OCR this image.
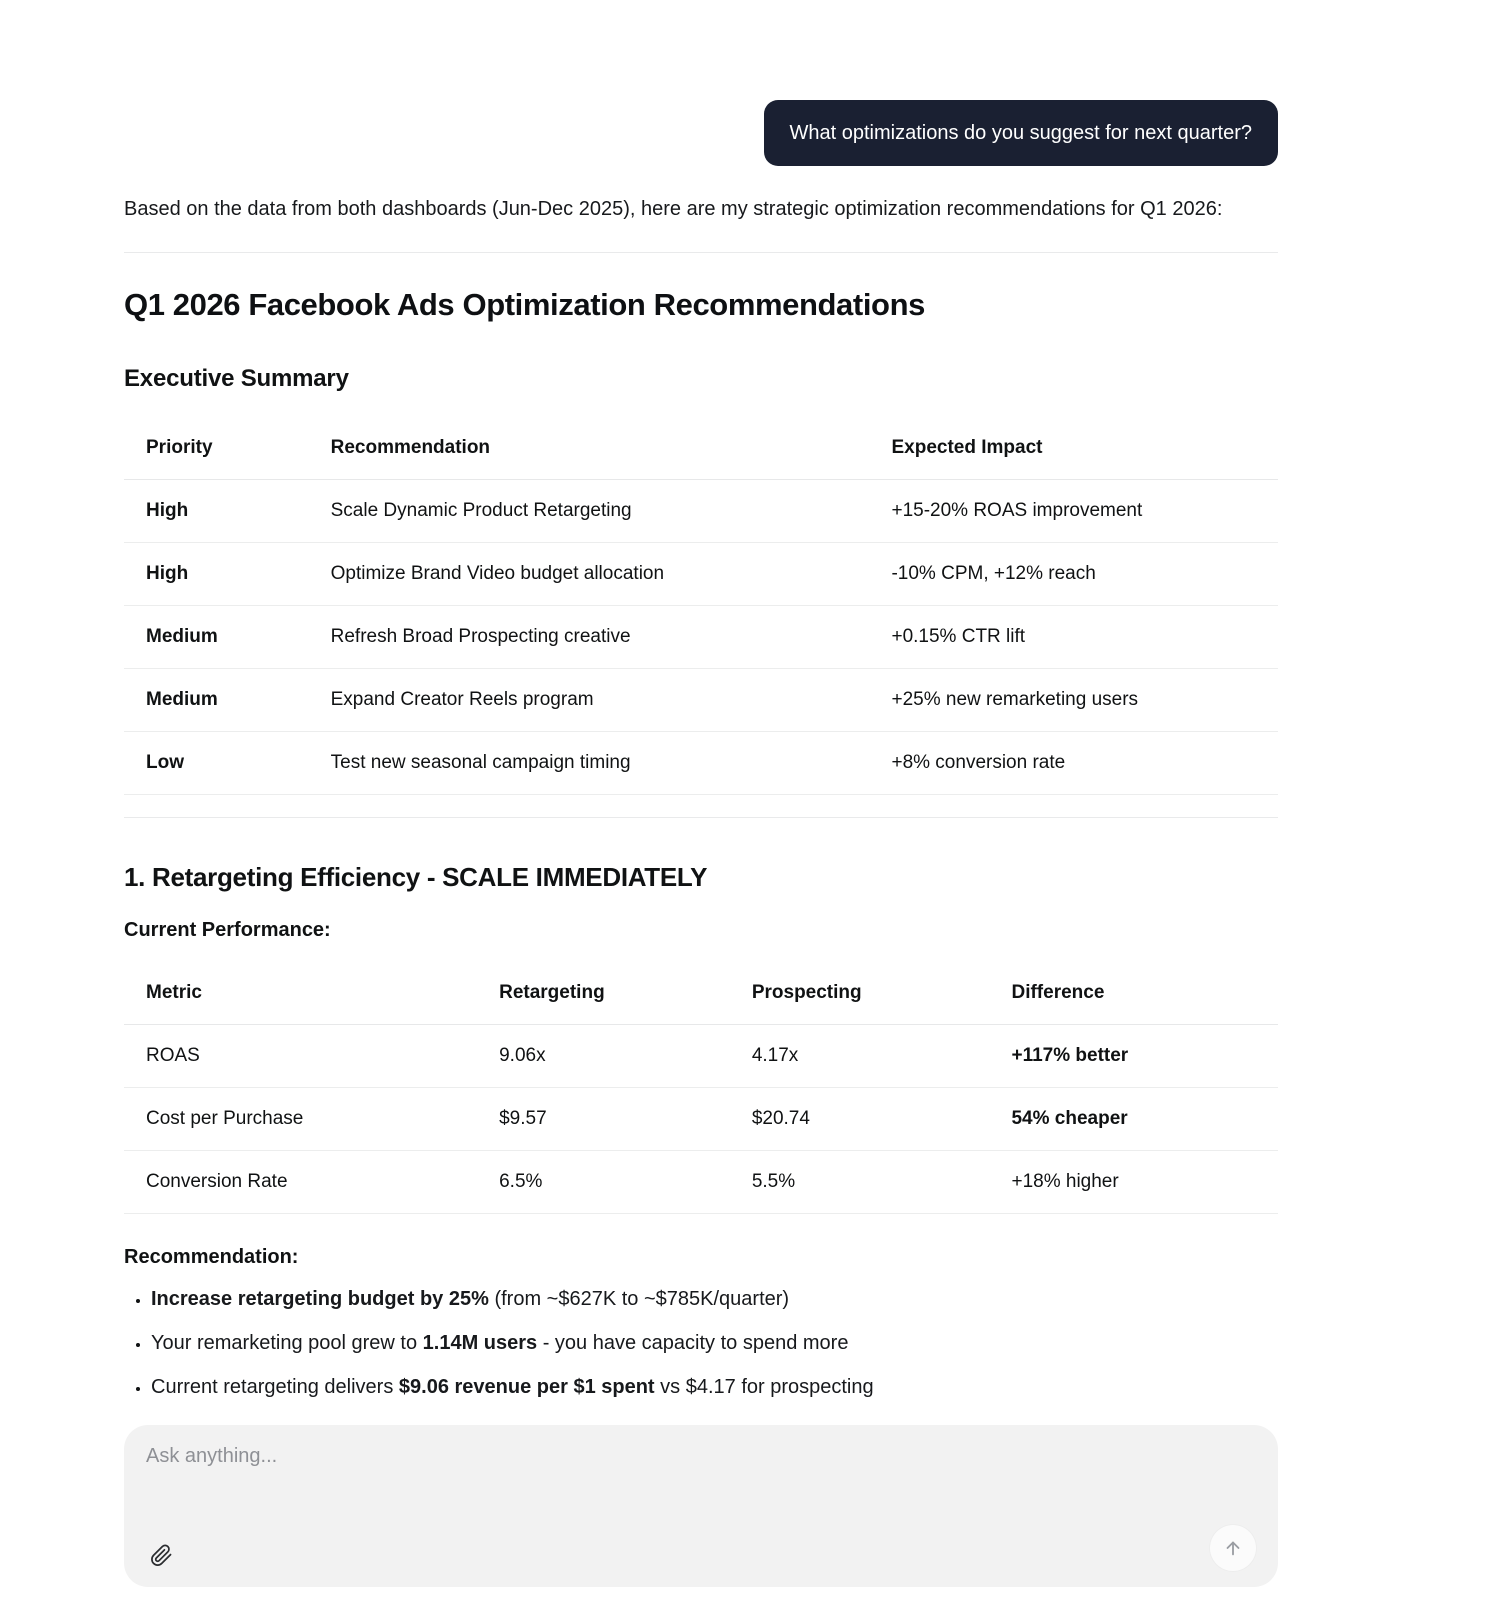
What optimizations do you suggest for next quarter?

Based on the data from both dashboards (Jun-Dec 2025), here are my strategic optimization recommendations for Q1 2026:

Q1 2026 Facebook Ads Optimization Recommendations
Executive Summary
Priority	Recommendation	Expected Impact
High	Scale Dynamic Product Retargeting	+15-20% ROAS improvement
High	Optimize Brand Video budget allocation	-10% CPM, +12% reach
Medium	Refresh Broad Prospecting creative	+0.15% CTR lift
Medium	Expand Creator Reels program	+25% new remarketing users
Low	Test new seasonal campaign timing	+8% conversion rate
1. Retargeting Efficiency - SCALE IMMEDIATELY

Current Performance:

Metric	Retargeting	Prospecting	Difference
ROAS	9.06x	4.17x	+117% better
Cost per Purchase	$9.57	$20.74	54% cheaper
Conversion Rate	6.5%	5.5%	+18% higher

Recommendation:

• Increase retargeting budget by 25% (from ~$627K to ~$785K/quarter)
• Your remarketing pool grew to 1.14M users - you have capacity to spend more
• Current retargeting delivers $9.06 revenue per $1 spent vs $4.17 for prospecting
Ask anything...
